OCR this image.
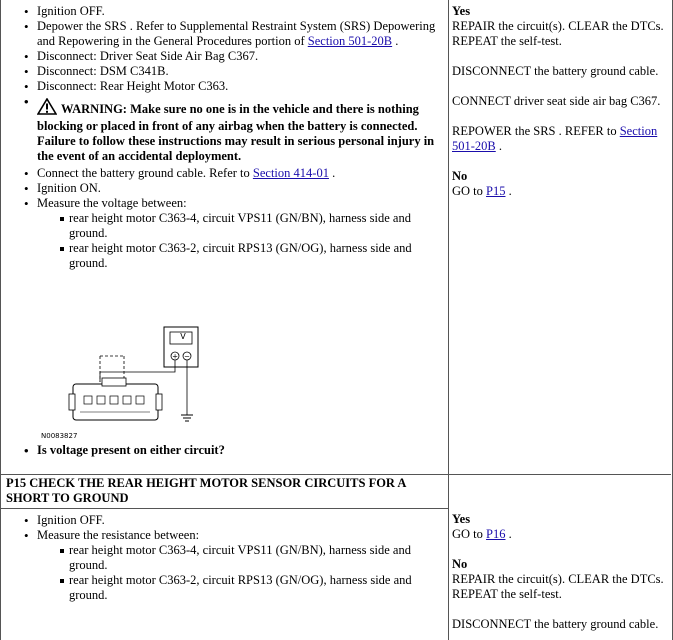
• Ignition OFF.
• Depower the SRS . Refer to Supplemental Restraint System (SRS) Depowering and Repowering in the General Procedures portion of Section 501-20B .
• Disconnect: Driver Seat Side Air Bag C367.
• Disconnect: DSM C341B.
• Disconnect: Rear Height Motor C363.
• WARNING: Make sure no one is in the vehicle and there is nothing blocking or placed in front of any airbag when the battery is connected. Failure to follow these instructions may result in serious personal injury in the event of an accidental deployment.
• Connect the battery ground cable. Refer to Section 414-01 .
• Ignition ON.
• Measure the voltage between:
rear height motor C363-4, circuit VPS11 (GN/BN), harness side and ground.
rear height motor C363-2, circuit RPS13 (GN/OG), harness side and ground.
+ −
N0083827
V
• Is voltage present on either circuit?

Yes

REPAIR the circuit(s). CLEAR the DTCs. REPEAT the self-test.

DISCONNECT the battery ground cable.

CONNECT driver seat side air bag C367.

REPOWER the SRS . REFER to Section 501-20B .

No

GO to P15 .

P15 CHECK THE REAR HEIGHT MOTOR SENSOR CIRCUITS FOR A SHORT TO GROUND
• Ignition OFF.
• Measure the resistance between:
rear height motor C363-4, circuit VPS11 (GN/BN), harness side and ground.
rear height motor C363-2, circuit RPS13 (GN/OG), harness side and ground.

Yes

GO to P16 .

No

REPAIR the circuit(s). CLEAR the DTCs. REPEAT the self-test.

DISCONNECT the battery ground cable.
